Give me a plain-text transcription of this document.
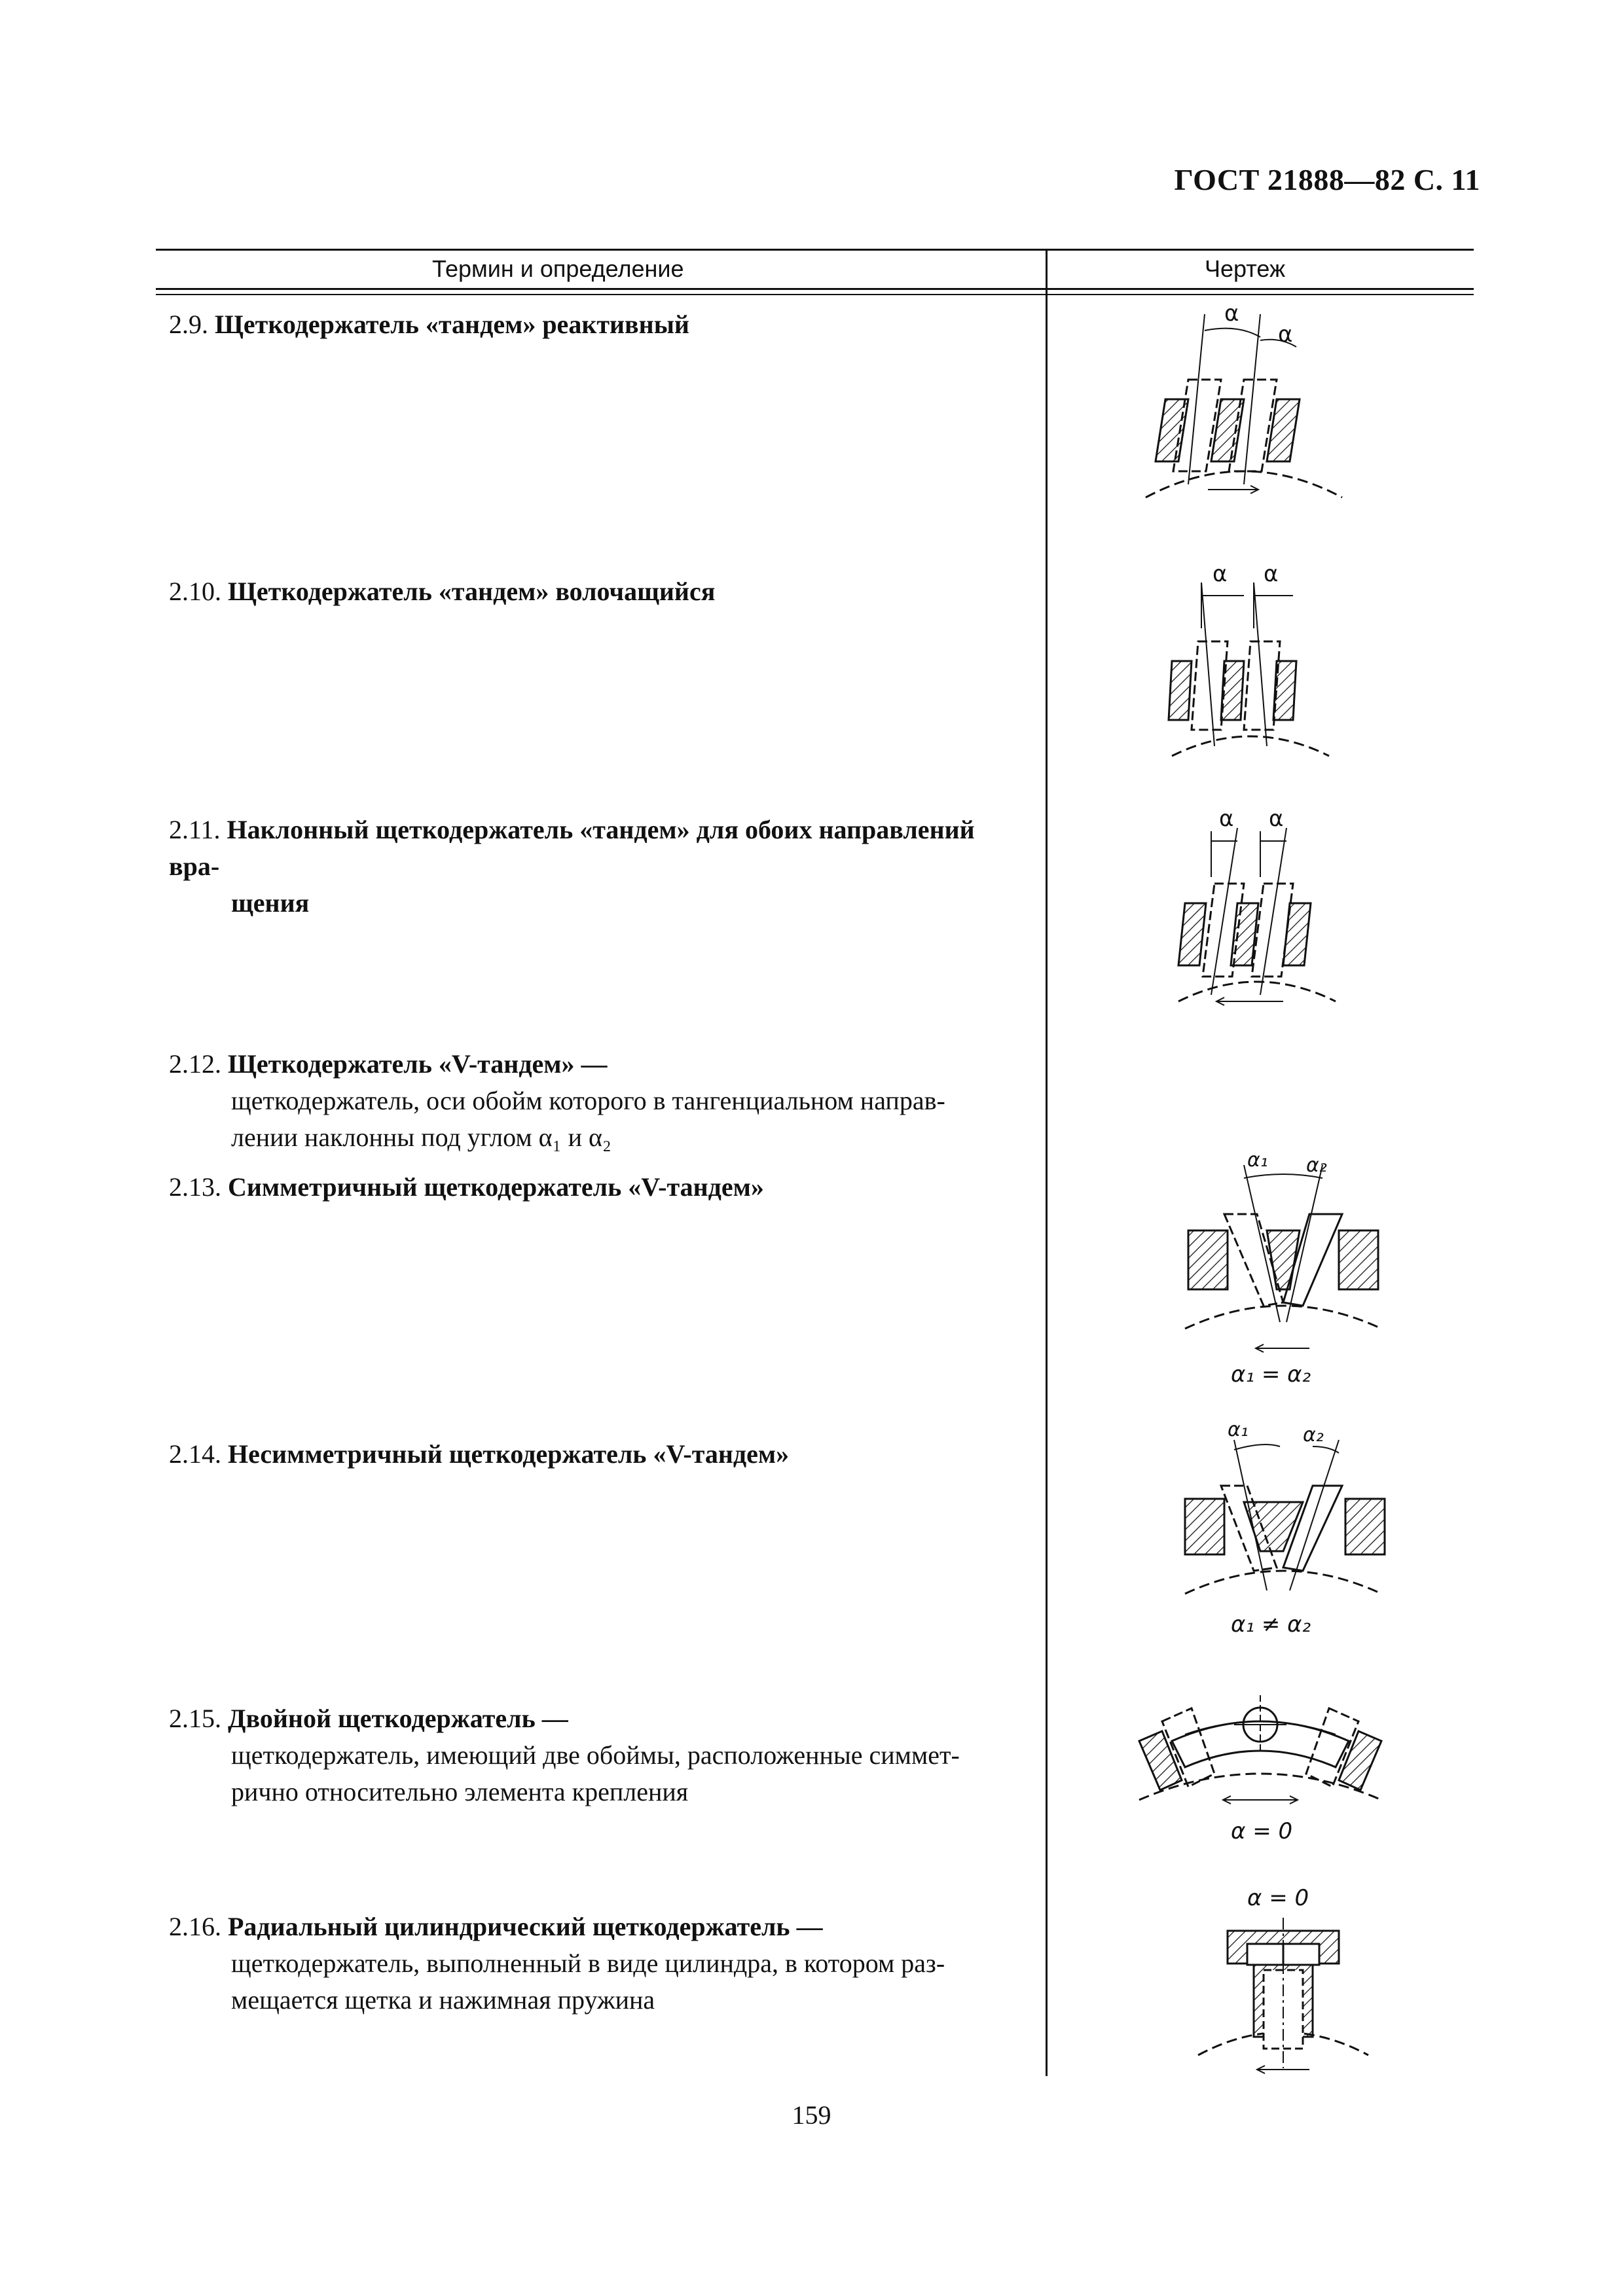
ГОСТ 21888—82 С. 11
Термин и определение	Чертеж
2.9. Щеткодержатель «тандем» реактивный
2.10. Щеткодержатель «тандем» волочащийся
2.11. Наклонный щеткодержатель «тандем» для обоих направлений вра-
щения
2.12. Щеткодержатель «V-тандем» —
щеткодержатель, оси обойм которого в тангенциальном направ-
лении наклонны под углом α₁ и α₂
2.13. Симметричный щеткодержатель «V-тандем»
2.14. Несимметричный щеткодержатель «V-тандем»
2.15. Двойной щеткодержатель —
щеткодержатель, имеющий две обоймы, расположенные симмет-
рично относительно элемента крепления
2.16. Радиальный цилиндрический щеткодержатель —
щеткодержатель, выполненный в виде цилиндра, в котором раз-
мещается щетка и нажимная пружина
α
α
α α
α α
α₁ α₂
α₁ = α₂
α₁	α₂
α₁ ≠ α₂
α = 0
α = 0
159
